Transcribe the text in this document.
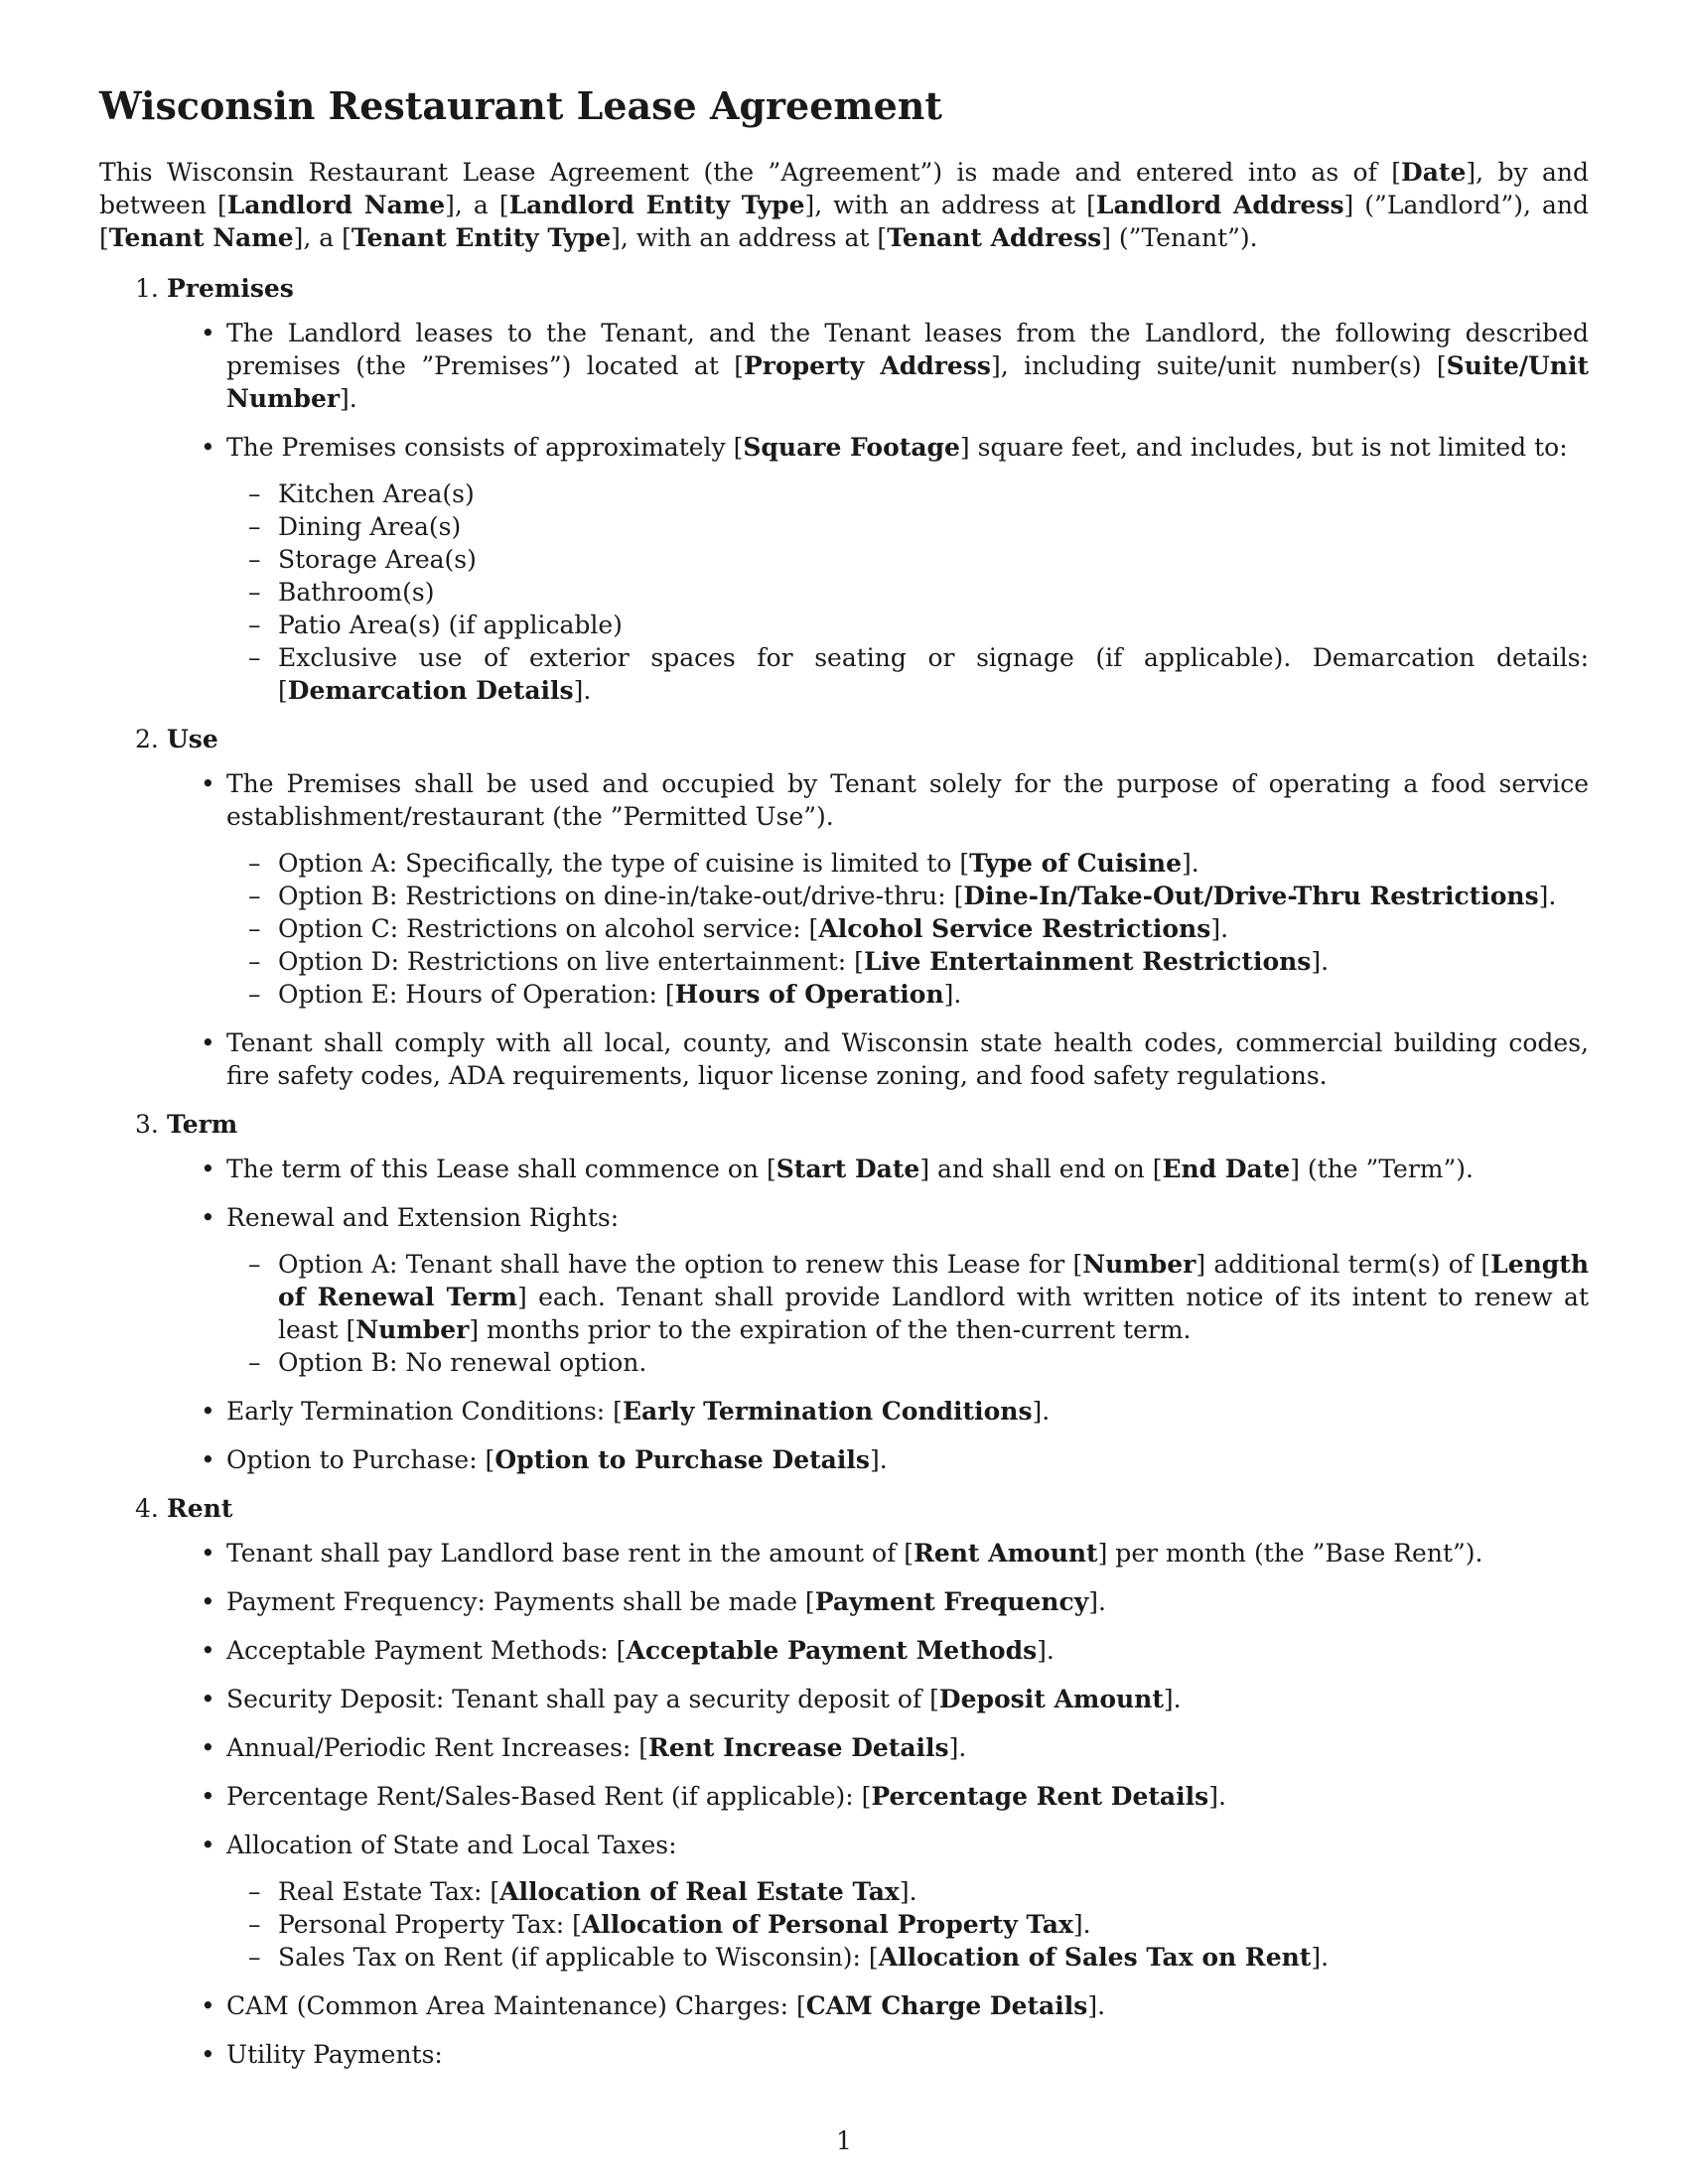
Wisconsin Restaurant Lease Agreement

This Wisconsin Restaurant Lease Agreement (the ”Agreement”) is made and entered into as of [Date], by and between [Landlord Name], a [Landlord Entity Type], with an address at [Landlord Address] (”Landlord”), and [Tenant Name], a [Tenant Entity Type], with an address at [Tenant Address] (”Tenant”).

1. Premises
• The Landlord leases to the Tenant, and the Tenant leases from the Landlord, the following described premises (the ”Premises”) located at [Property Address], including suite/unit number(s) [Suite/Unit Number].
• The Premises consists of approximately [Square Footage] square feet, and includes, but is not limited to:
– Kitchen Area(s)
– Dining Area(s)
– Storage Area(s)
– Bathroom(s)
– Patio Area(s) (if applicable)
– Exclusive use of exterior spaces for seating or signage (if applicable). Demarcation details: [Demarcation Details].
2. Use
• The Premises shall be used and occupied by Tenant solely for the purpose of operating a food service establishment/restaurant (the ”Permitted Use”).
– Option A: Specifically, the type of cuisine is limited to [Type of Cuisine].
– Option B: Restrictions on dine-in/take-out/drive-thru: [Dine-In/Take-Out/Drive-Thru Restrictions].
– Option C: Restrictions on alcohol service: [Alcohol Service Restrictions].
– Option D: Restrictions on live entertainment: [Live Entertainment Restrictions].
– Option E: Hours of Operation: [Hours of Operation].
• Tenant shall comply with all local, county, and Wisconsin state health codes, commercial building codes, fire safety codes, ADA requirements, liquor license zoning, and food safety regulations.
3. Term
• The term of this Lease shall commence on [Start Date] and shall end on [End Date] (the ”Term”).
• Renewal and Extension Rights:
– Option A: Tenant shall have the option to renew this Lease for [Number] additional term(s) of [Length of Renewal Term] each. Tenant shall provide Landlord with written notice of its intent to renew at least [Number] months prior to the expiration of the then-current term.
– Option B: No renewal option.
• Early Termination Conditions: [Early Termination Conditions].
• Option to Purchase: [Option to Purchase Details].
4. Rent
• Tenant shall pay Landlord base rent in the amount of [Rent Amount] per month (the ”Base Rent”).
• Payment Frequency: Payments shall be made [Payment Frequency].
• Acceptable Payment Methods: [Acceptable Payment Methods].
• Security Deposit: Tenant shall pay a security deposit of [Deposit Amount].
• Annual/Periodic Rent Increases: [Rent Increase Details].
• Percentage Rent/Sales-Based Rent (if applicable): [Percentage Rent Details].
• Allocation of State and Local Taxes:
– Real Estate Tax: [Allocation of Real Estate Tax].
– Personal Property Tax: [Allocation of Personal Property Tax].
– Sales Tax on Rent (if applicable to Wisconsin): [Allocation of Sales Tax on Rent].
• CAM (Common Area Maintenance) Charges: [CAM Charge Details].
• Utility Payments:
1
